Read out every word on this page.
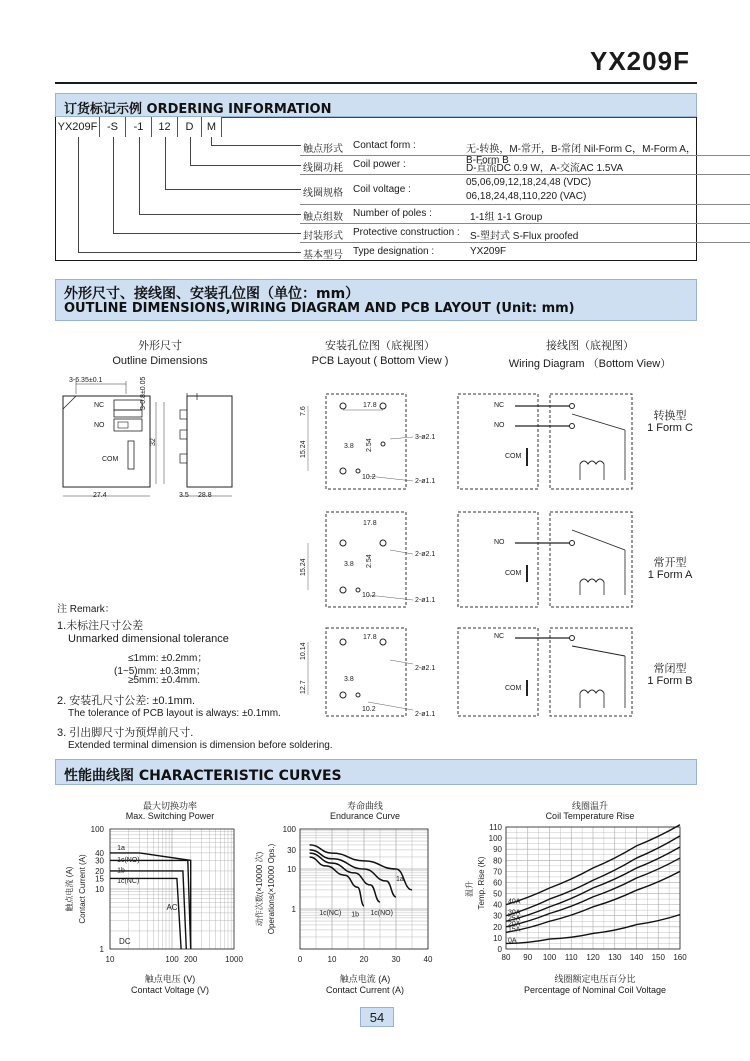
YX209F
订货标记示例 ORDERING INFORMATION
YX209F -S	-1	12	D	M
触点形式 Contact form :	无-转换，M-常开，B-常闭 Nil-Form C，M-Form A，B-Form B
线圈功耗 Coil power :	D-直流DC 0.9 W，A-交流AC 1.5VA
线圈规格 Coil voltage :
05,06,09,12,18,24,48 (VDC)
06,18,24,48,110,220 (VAC)
触点组数 Number of poles :	1-1组 1-1 Group
封装形式 Protective construction : S-塑封式 S-Flux proofed
基本型号 Type designation :	YX209F
外形尺寸、接线图、安装孔位图（单位：mm）
OUTLINE DIMENSIONS,WIRING DIAGRAM AND PCB LAYOUT (Unit: mm)
外形尺寸
Outline Dimensions
安装孔位图（底视图）
PCB Layout ( Bottom View )
接线图（底视图）
Wiring Diagram （Bottom View）
3-6.35±0.1
NC
NO
COM
3-0.8±0.05
32
27.4	3.5 28.8
7.6
17.8
15.24	3.8 2.54
10.2
3-ø2.1
2-ø1.1
17.8
15.24	3.8 2.54
10.2
2-ø2.1
2-ø1.1
10.14
17.8
12.7
3.8
10.2
2-ø2.1
2-ø1.1
NC
NO
COM
NO
COM
NC
COM
转换型
1 Form C
常开型
1 Form A
常闭型
1 Form B
注 Remark：
1.未标注尺寸公差
Unmarked dimensional tolerance
≤1mm: ±0.2mm；
(1~5)mm: ±0.3mm；
≥5mm: ±0.4mm.
2. 安装孔尺寸公差: ±0.1mm.
The tolerance of PCB layout is always: ±0.1mm.
3. 引出脚尺寸为预焊前尺寸.
Extended terminal dimension is dimension before soldering.
性能曲线图 CHARACTERISTIC CURVES
最大切换功率
Max. Switching Power
寿命曲线
Endurance Curve
线圈温升
Coil Temperature Rise
10	100 200	1000
100
40
30
20
15
10
1
1a
1c(NO)
1b
1c(NC)
AC
DC
触点电流 (A) Contact Current (A)
0	10	20	30	40
100
30
10
1
1a
1c(NC) 1b 1c(NO)
动作次数(×10000 次) Operations(×10000 Ops.)
80 90 100 110 120 130 140 150 160
0
10
20
30
40
50
60
70
80
90
100
110
40A
30A
25A
20A
15A
0A
温升 Temp. Rise (K)
触点电压 (V)
Contact Voltage (V)
触点电流 (A)
Contact Current (A)
线圈额定电压百分比
Percentage of Nominal Coil Voltage
54
